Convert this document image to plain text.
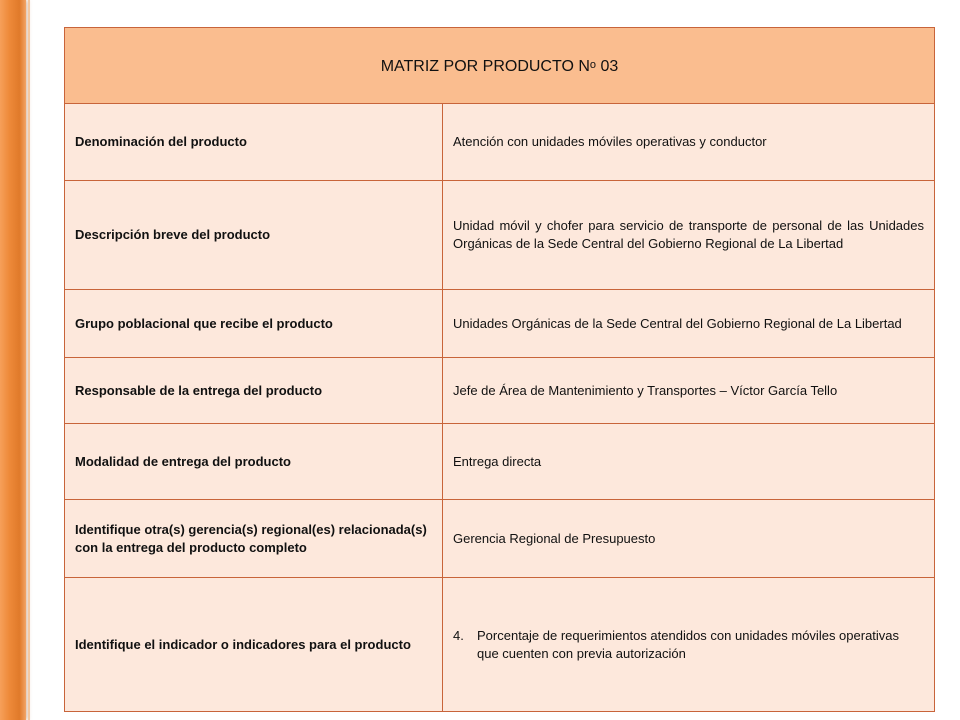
MATRIZ POR PRODUCTO $N^o$ 03	
Denominación del producto	Atención con unidades móviles operativas y conductor
Descripción breve del producto	Unidad móvil y chofer para servicio de transporte de personal de las Unidades Orgánicas de la Sede Central del Gobierno Regional de La Libertad
Grupo poblacional que recibe el producto	Unidades Orgánicas de la Sede Central del Gobierno Regional de La Libertad
Responsable de la entrega del producto	Jefe de Área de Mantenimiento y Transportes – Víctor García Tello
Modalidad de entrega del producto	Entrega directa
Identifique otra(s) gerencia(s) regional(es) relacionada(s) con la entrega del producto completo	Gerencia Regional de Presupuesto
Identifique el indicador o indicadores para el producto	4. Porcentaje de requerimientos atendidos con unidades móviles operativas que cuenten con previa autorización
